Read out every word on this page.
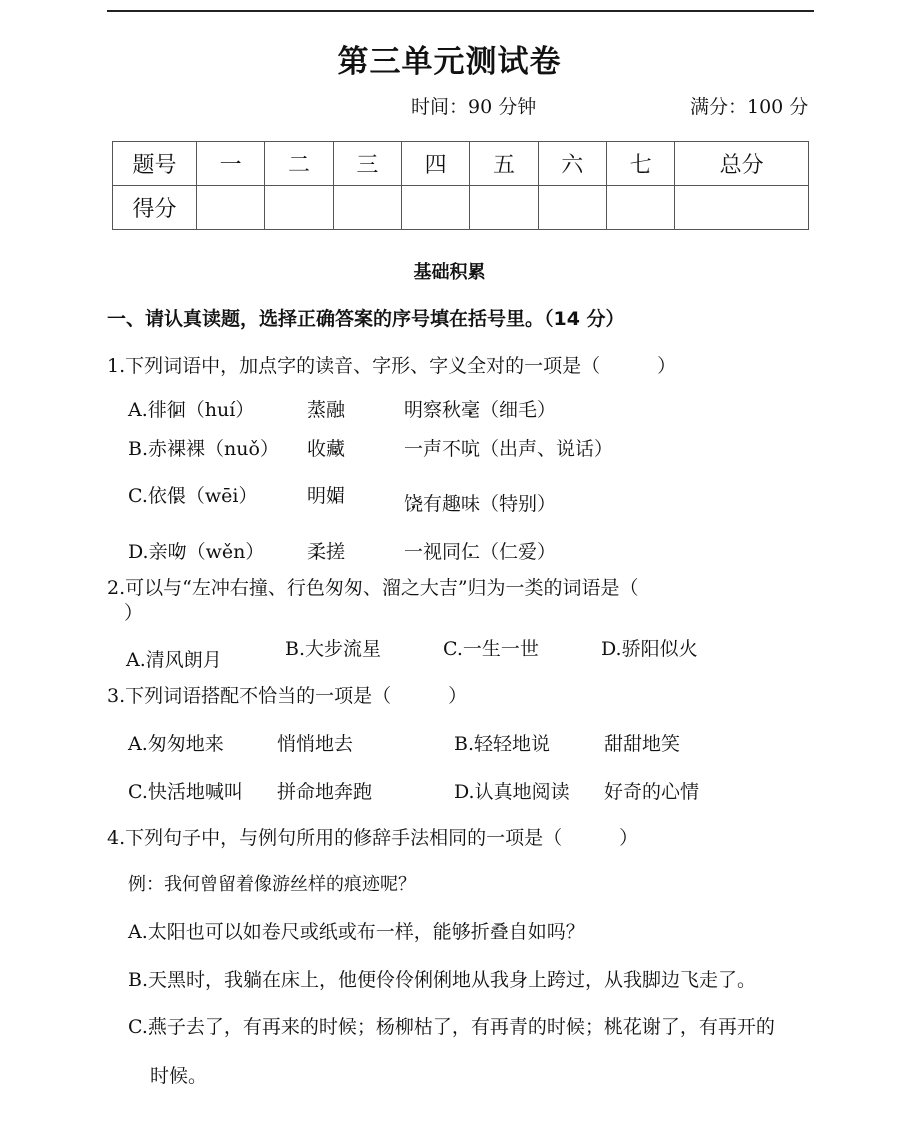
第三单元测试卷
时间：90 分钟	满分：100 分
题号	一	二	三	四	五	六	七	总分
得分								
基础积累
一、请认真读题，选择正确答案的序号填在括号里。（14 分）
1.下列词语中，加点字的读音、字形、字义全对的一项是（　　　）
A.徘徊 •（huí）	蒸 •融	明察秋毫 •（细毛）
B.赤裸 •裸（nuǒ） 收藏 •	一声不吭 •（出声、说话）
C.依偎 •（wēi）	明媚 •	饶 •有趣味（特别）
D.亲吻 •（wěn） 柔 •搓	一视同仁 •（仁爱）
2.可以与“左冲右撞、行色匆匆、溜之大吉”归为一类的词语是（
）
A.清风朗月	B.大步流星	C.一生一世	D.骄阳似火
3.下列词语搭配不恰当的一项是（　　　）
A.匆匆地来	悄悄地去	B.轻轻地说	甜甜地笑
C.快活地喊叫 拼命地奔跑	D.认真地阅读 好奇的心情
4.下列句子中，与例句所用的修辞手法相同的一项是（　　　）
例：我何曾留着像游丝样的痕迹呢？
A.太阳也可以如卷尺或纸或布一样，能够折叠自如吗？
B.天黑时，我躺在床上，他便伶伶俐俐地从我身上跨过，从我脚边飞走了。
C.燕子去了，有再来的时候；杨柳枯了，有再青的时候；桃花谢了，有再开的
时候。
